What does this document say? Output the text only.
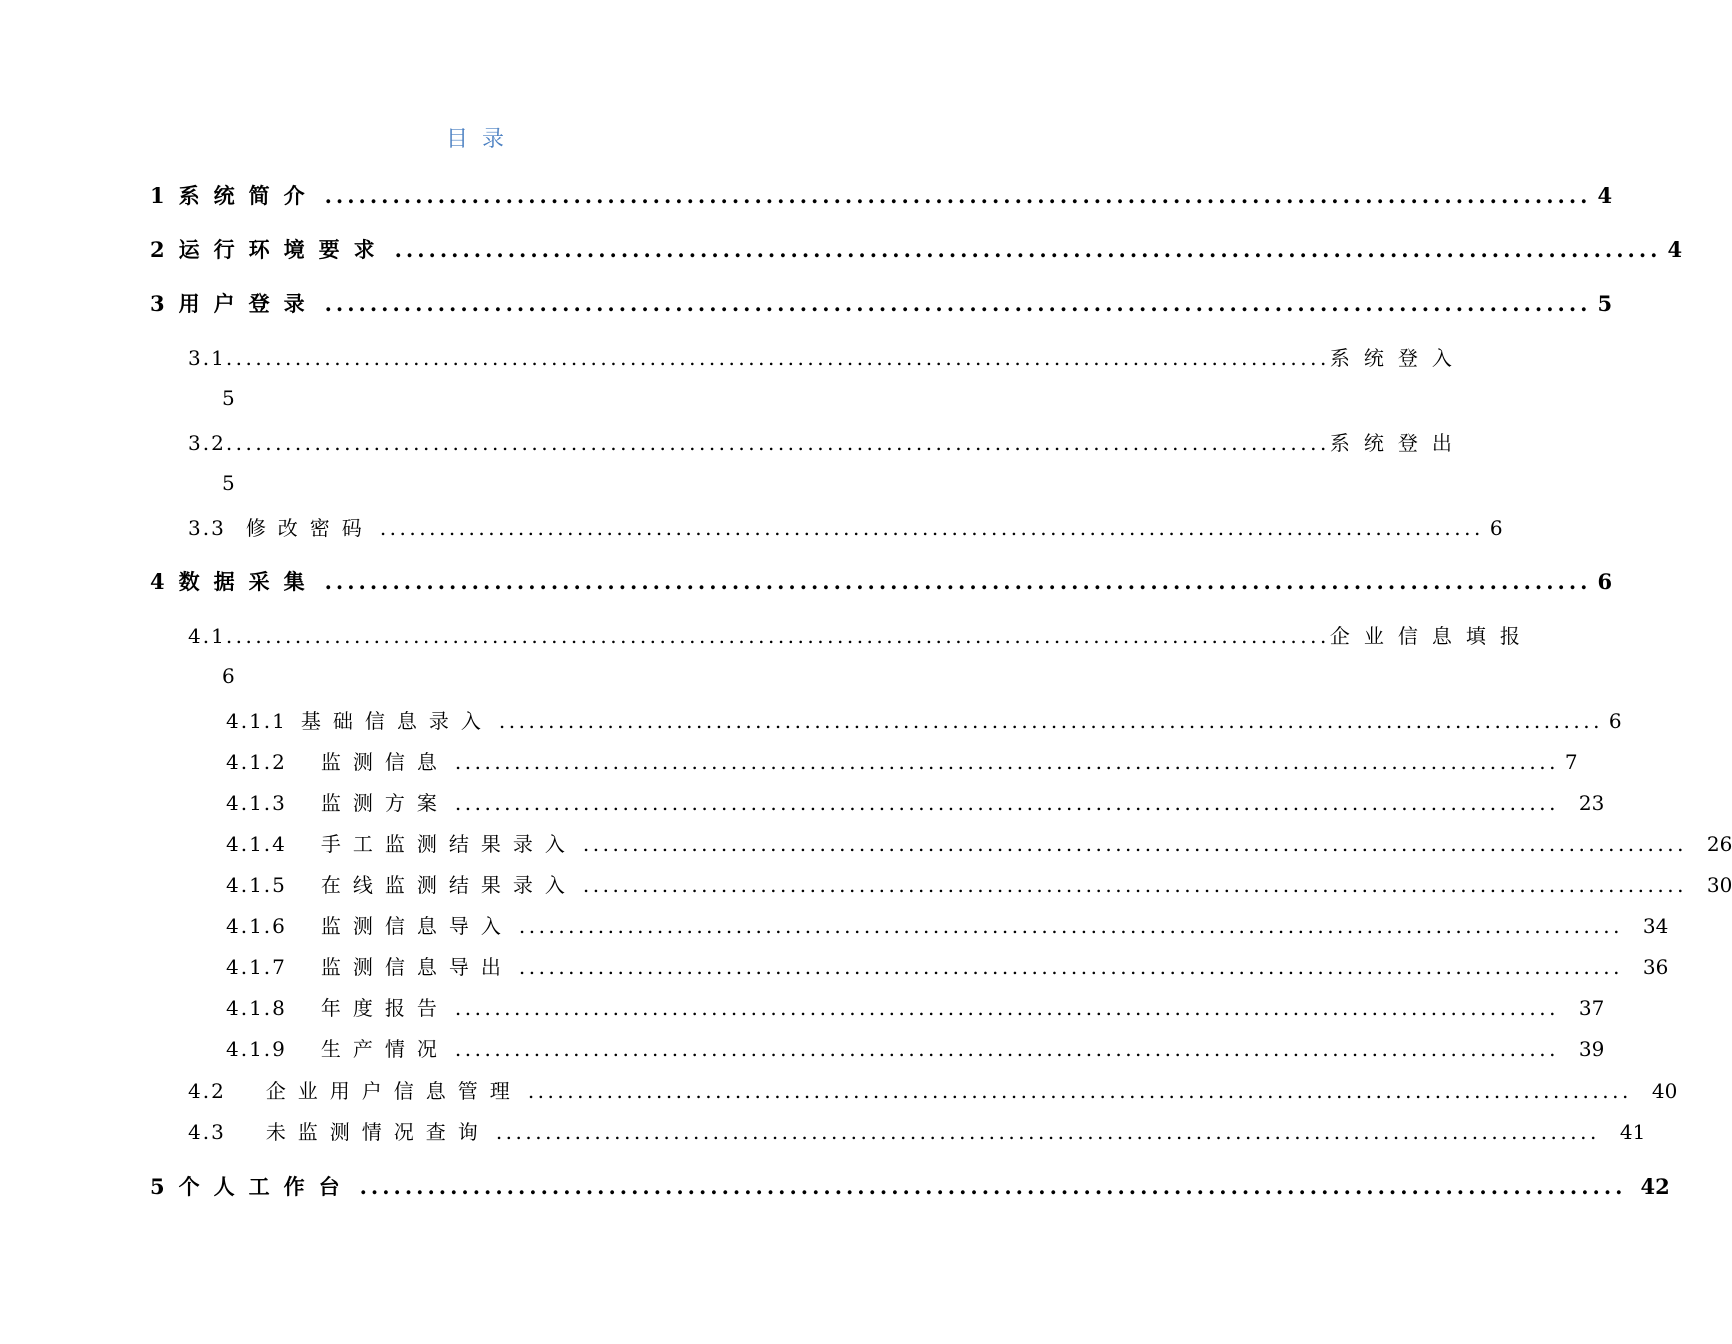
目录
1 系统简介 ................................................................................................................ 4
2 运行环境要求 ................................................................................................................ 4
3 用户登录 ................................................................................................................ 5
3.1 ................................................................................................................ 系统登入
5
3.2 ................................................................................................................ 系统登出
5
3.3 修改密码 ................................................................................................................ 6
4 数据采集 ................................................................................................................ 6
4.1 ................................................................................................................ 企业信息填报
6
4.1.1 基础信息录入 ................................................................................................................ 6
4.1.2 监测信息 ................................................................................................................ 7
4.1.3 监测方案 ................................................................................................................ 23
4.1.4 手工监测结果录入 ................................................................................................................ 26
4.1.5 在线监测结果录入 ................................................................................................................ 30
4.1.6 监测信息导入 ................................................................................................................ 34
4.1.7 监测信息导出 ................................................................................................................ 36
4.1.8 年度报告 ................................................................................................................ 37
4.1.9 生产情况 ................................................................................................................ 39
4.2 企业用户信息管理 ................................................................................................................ 40
4.3 未监测情况查询 ................................................................................................................ 41
5 个人工作台 ................................................................................................................ 42
